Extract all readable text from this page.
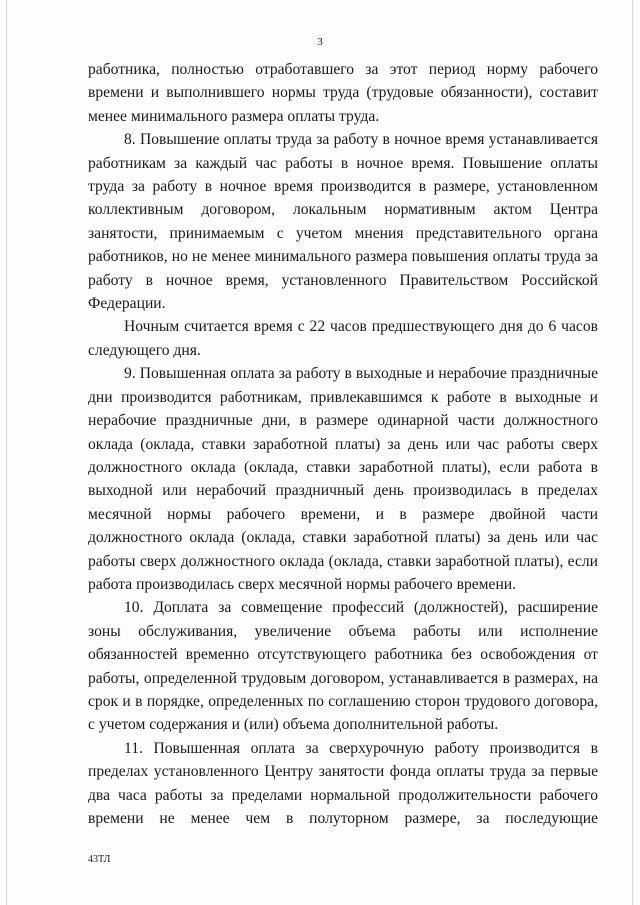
3

работника, полностью отработавшего за этот период норму рабочего времени и выполнившего нормы труда (трудовые обязанности), составит менее минимального размера оплаты труда.

8. Повышение оплаты труда за работу в ночное время устанавливается работникам за каждый час работы в ночное время. Повышение оплаты труда за работу в ночное время производится в размере, установленном коллективным договором, локальным нормативным актом Центра занятости, принимаемым с учетом мнения представительного органа работников, но не менее минимального размера повышения оплаты труда за работу в ночное время, установленного Правительством Российской Федерации.

Ночным считается время с 22 часов предшествующего дня до 6 часов следующего дня.

9. Повышенная оплата за работу в выходные и нерабочие праздничные дни производится работникам, привлекавшимся к работе в выходные и нерабочие праздничные дни, в размере одинарной части должностного оклада (оклада, ставки заработной платы) за день или час работы сверх должностного оклада (оклада, ставки заработной платы), если работа в выходной или нерабочий праздничный день производилась в пределах месячной нормы рабочего времени, и в размере двойной части должностного оклада (оклада, ставки заработной платы) за день или час работы сверх должностного оклада (оклада, ставки заработной платы), если работа производилась сверх месячной нормы рабочего времени.

10. Доплата за совмещение профессий (должностей), расширение зоны обслуживания, увеличение объема работы или исполнение обязанностей временно отсутствующего работника без освобождения от работы, определенной трудовым договором, устанавливается в размерах, на срок и в порядке, определенных по соглашению сторон трудового договора, с учетом содержания и (или) объема дополнительной работы.

11. Повышенная оплата за сверхурочную работу производится в пределах установленного Центру занятости фонда оплаты труда за первые два часа работы за пределами нормальной продолжительности рабочего времени не менее чем в полуторном размере, за последующие

43ТЛ
